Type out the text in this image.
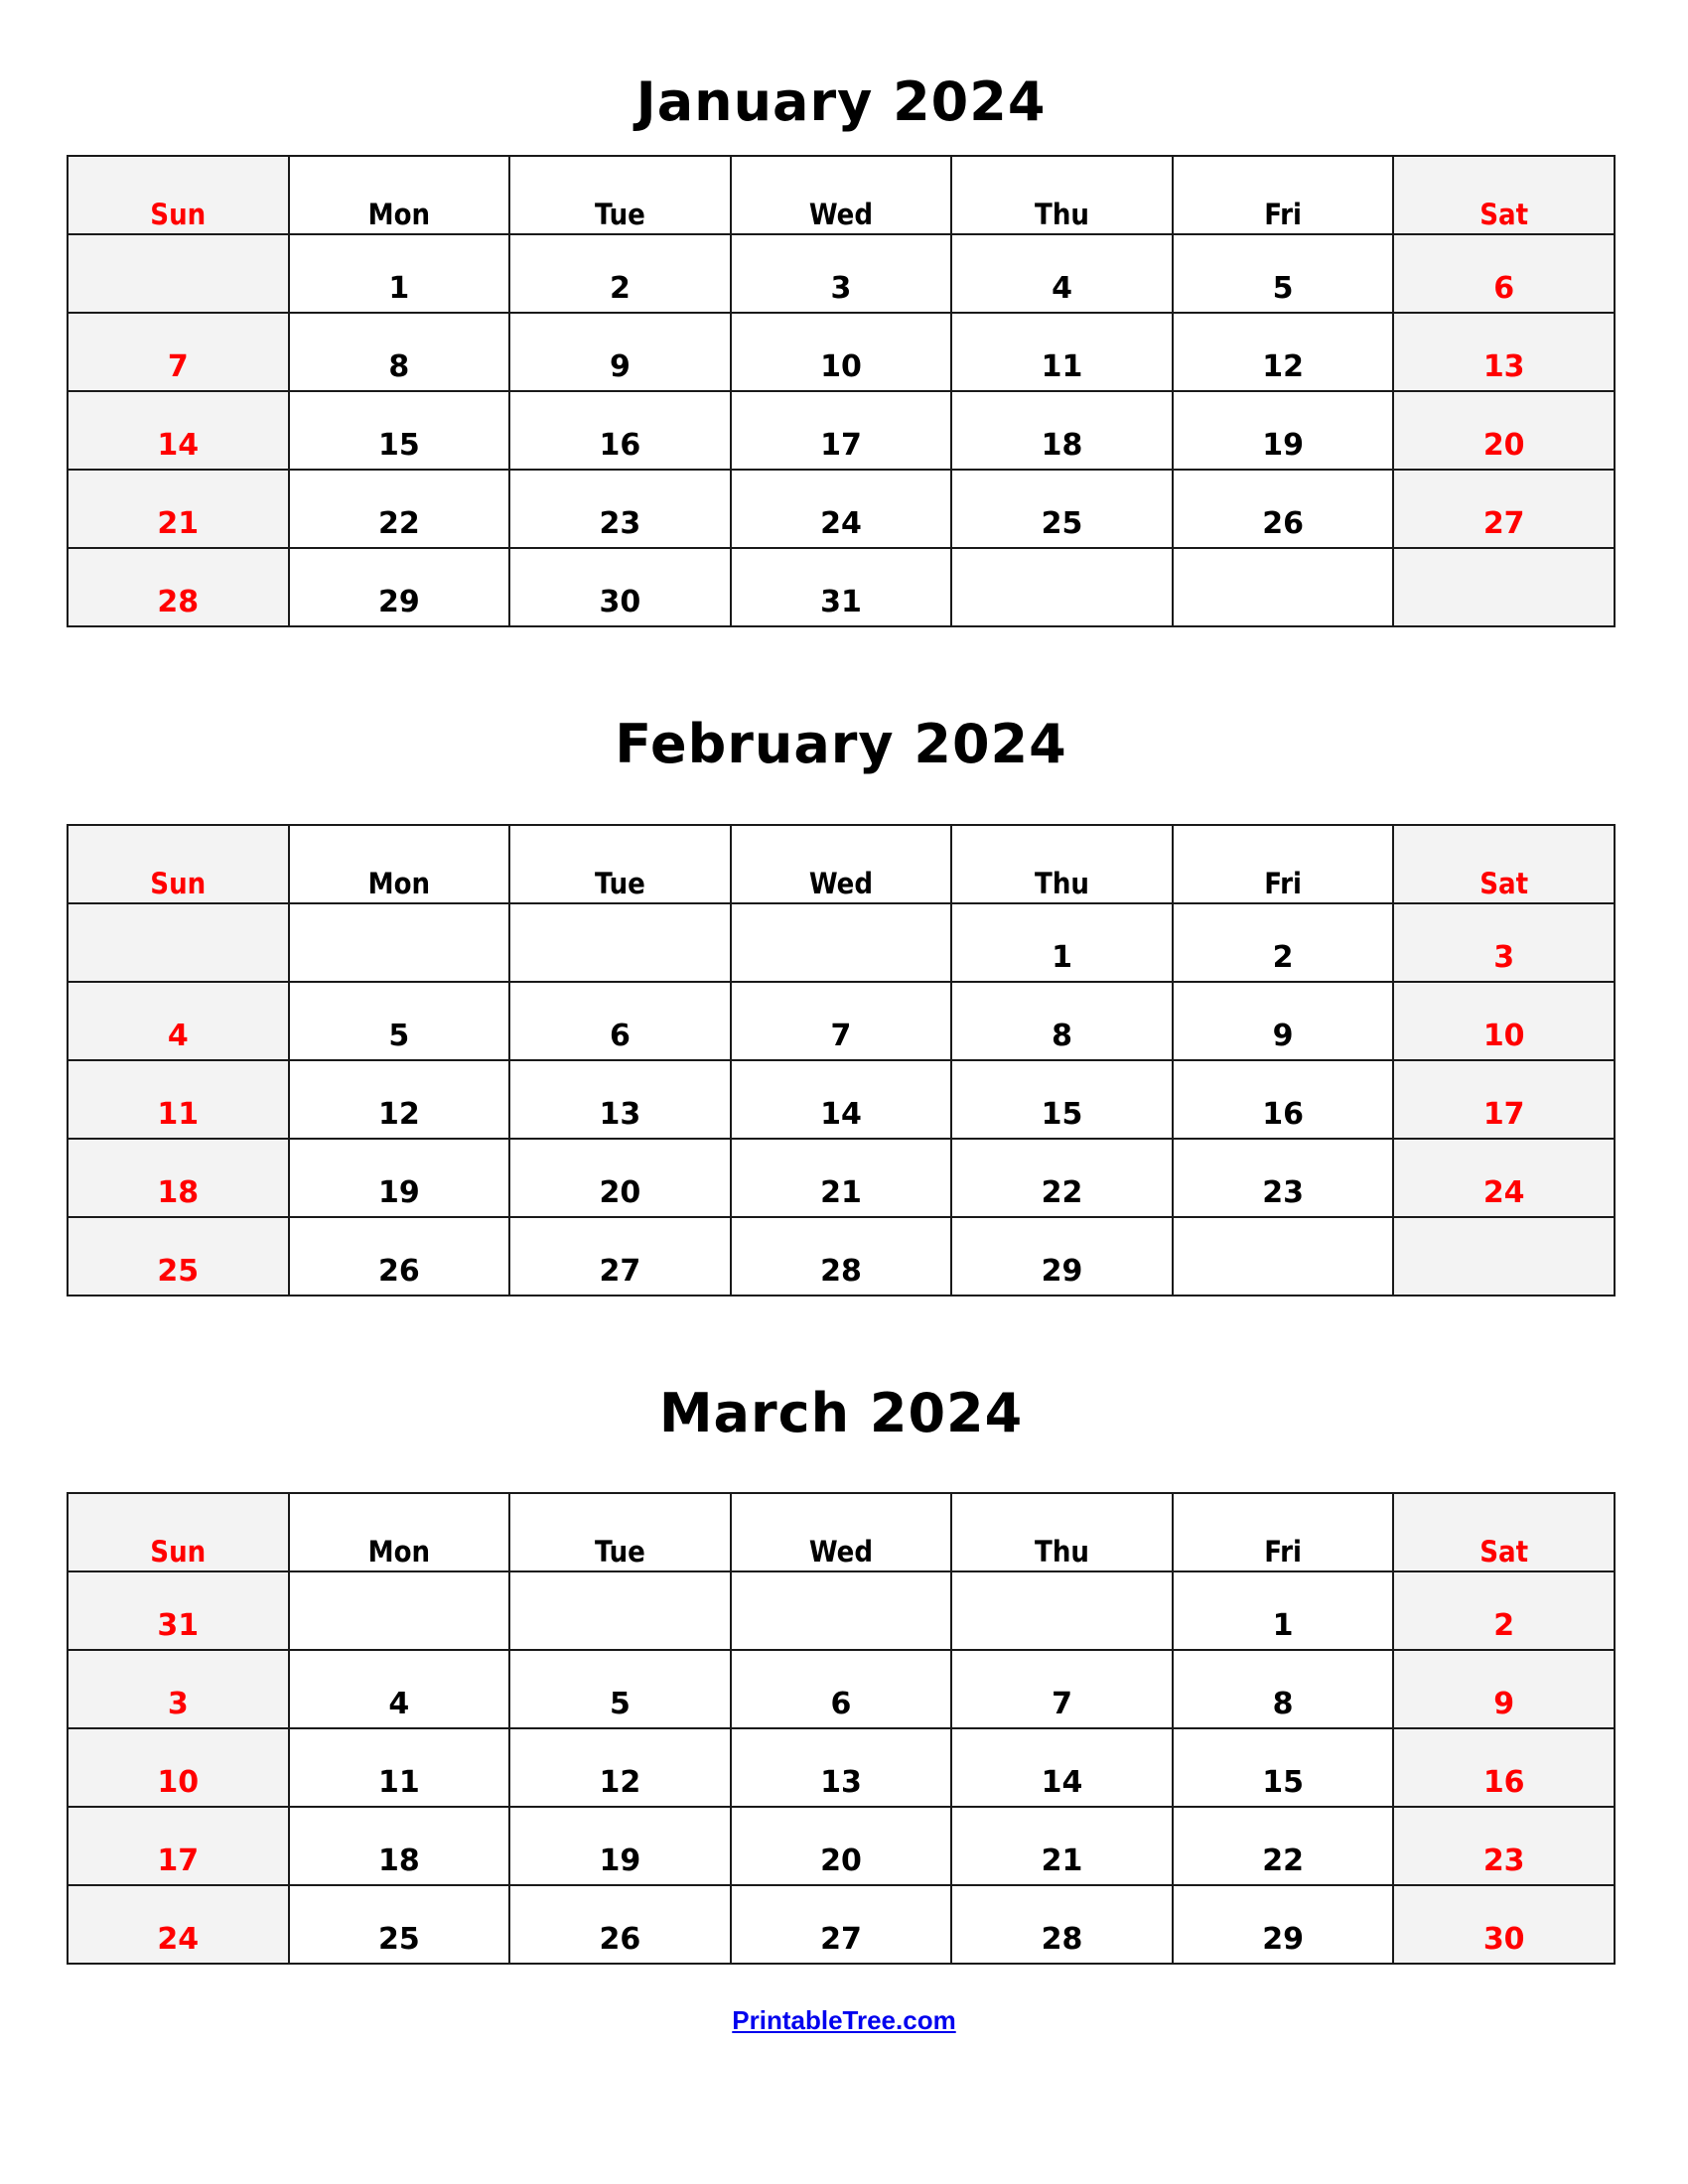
January 2024
Sun	Mon	Tue	Wed	Thu	Fri	Sat
	1	2	3	4	5	6
7	8	9	10	11	12	13
14	15	16	17	18	19	20
21	22	23	24	25	26	27
28	29	30	31			
February 2024
Sun	Mon	Tue	Wed	Thu	Fri	Sat
				1	2	3
4	5	6	7	8	9	10
11	12	13	14	15	16	17
18	19	20	21	22	23	24
25	26	27	28	29		
March 2024
Sun	Mon	Tue	Wed	Thu	Fri	Sat
31					1	2
3	4	5	6	7	8	9
10	11	12	13	14	15	16
17	18	19	20	21	22	23
24	25	26	27	28	29	30
PrintableTree.com
